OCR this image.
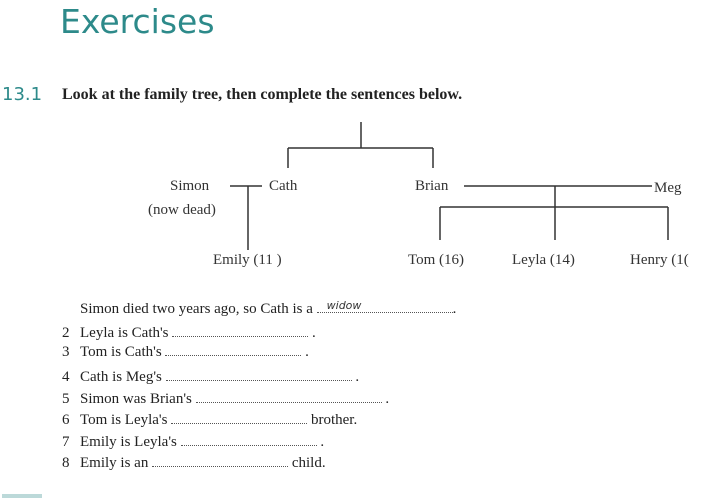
Exercises
13.1 Look at the family tree, then complete the sentences below.
Simon
(now dead)
Cath	Brian	Meg
Emily (11 )	Tom (16)	Leyla (14)	Henry (1(
Simon died two years ago, so Cath is a widow	.
2 Leyla is Cath's	.
3 Tom is Cath's	.
4 Cath is Meg's	.
5 Simon was Brian's	.
6 Tom is Leyla's	brother.
7 Emily is Leyla's	.
8 Emily is an	child.
